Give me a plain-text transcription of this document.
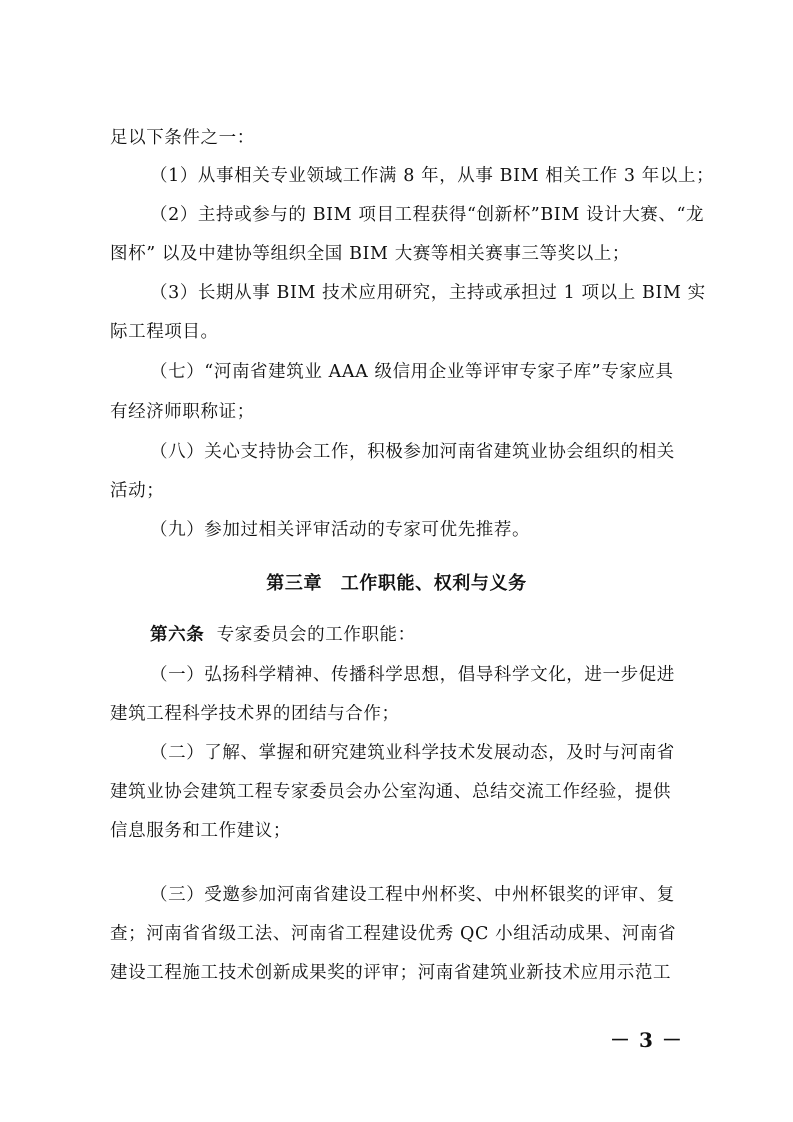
足以下条件之一：
（1）从事相关专业领域工作满 8 年，从事 BIM 相关工作 3 年以上；
（2）主持或参与的 BIM 项目工程获得“创新杯”BIM 设计大赛、“龙
图杯” 以及中建协等组织全国 BIM 大赛等相关赛事三等奖以上；
（3）长期从事 BIM 技术应用研究，主持或承担过 1 项以上 BIM 实
际工程项目。
（七）“河南省建筑业 AAA 级信用企业等评审专家子库”专家应具
有经济师职称证；
（八）关心支持协会工作，积极参加河南省建筑业协会组织的相关
活动；
（九）参加过相关评审活动的专家可优先推荐。
第三章　工作职能、权利与义务
第六条 专家委员会的工作职能：
（一）弘扬科学精神、传播科学思想，倡导科学文化，进一步促进
建筑工程科学技术界的团结与合作；
（二）了解、掌握和研究建筑业科学技术发展动态，及时与河南省
建筑业协会建筑工程专家委员会办公室沟通、总结交流工作经验，提供
信息服务和工作建议；
（三）受邀参加河南省建设工程中州杯奖、中州杯银奖的评审、复
查；河南省省级工法、河南省工程建设优秀 QC 小组活动成果、河南省
建设工程施工技术创新成果奖的评审；河南省建筑业新技术应用示范工
－ 3 －
